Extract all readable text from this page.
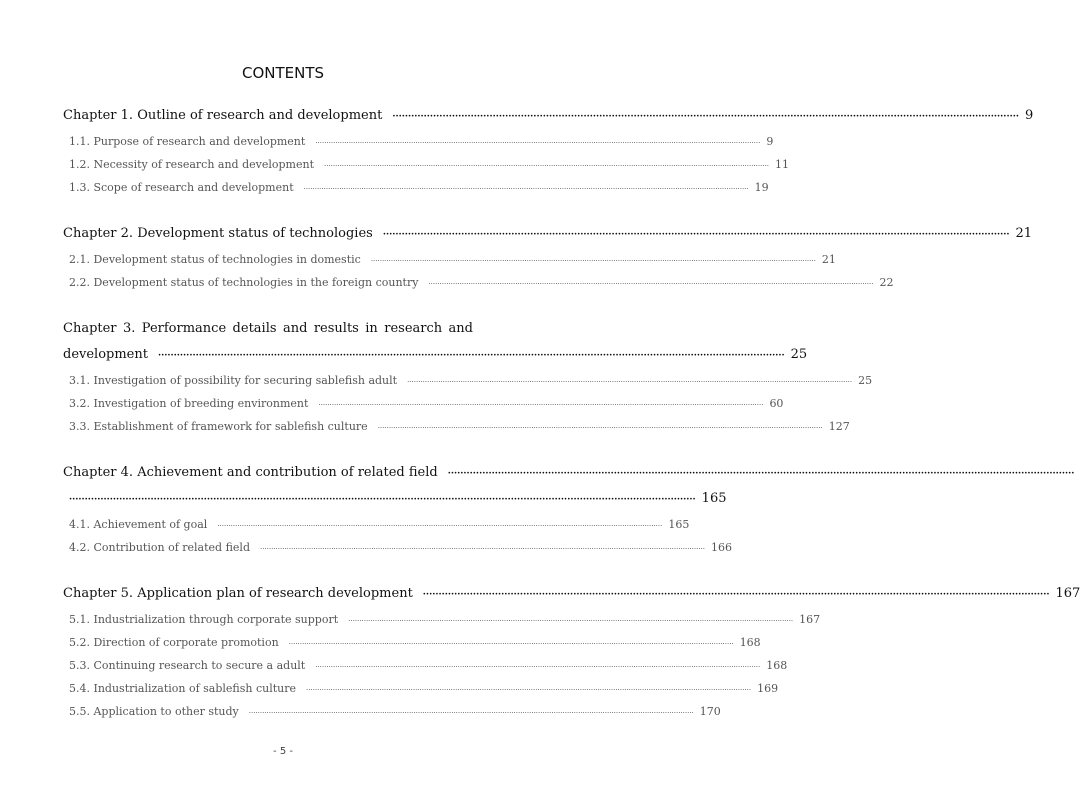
CONTENTS
Chapter 1. Outline of research and development ········································································································································································································ 9
1.1. Purpose of research and development ········································································································································································································ 9
1.2. Necessity of research and development ········································································································································································································ 11
1.3. Scope of research and development ········································································································································································································ 19
Chapter 2. Development status of technologies ········································································································································································································ 21
2.1. Development status of technologies in domestic ········································································································································································································ 21
2.2. Development status of technologies in the foreign country ········································································································································································································ 22
Chapter 3. Performance details and results in research and
development ········································································································································································································ 25
3.1. Investigation of possibility for securing sablefish adult ········································································································································································································ 25
3.2. Investigation of breeding environment ········································································································································································································ 60
3.3. Establishment of framework for sablefish culture ········································································································································································································ 127
Chapter 4. Achievement and contribution of related field ········································································································································································································
········································································································································································································ 165
4.1. Achievement of goal ········································································································································································································ 165
4.2. Contribution of related field ········································································································································································································ 166
Chapter 5. Application plan of research development ········································································································································································································ 167
5.1. Industrialization through corporate support ········································································································································································································ 167
5.2. Direction of corporate promotion ········································································································································································································ 168
5.3. Continuing research to secure a adult ········································································································································································································ 168
5.4. Industrialization of sablefish culture ········································································································································································································ 169
5.5. Application to other study ········································································································································································································ 170
- 5 -
